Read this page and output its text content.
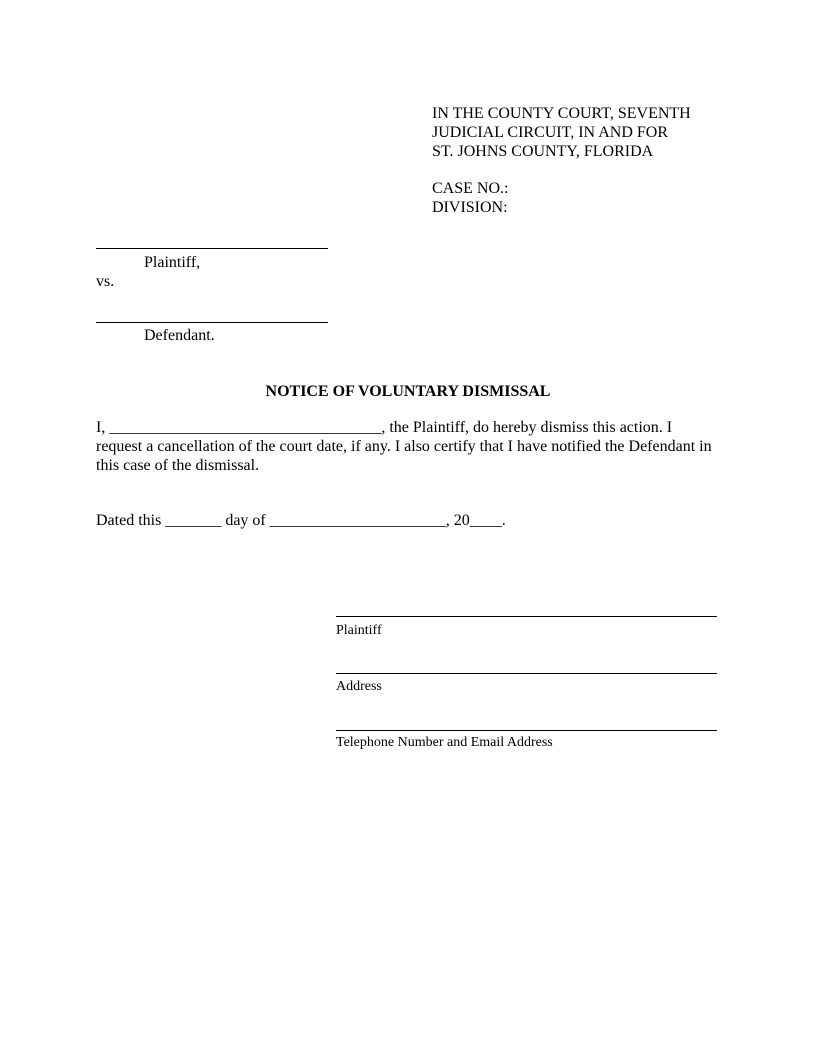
IN THE COUNTY COURT, SEVENTH
JUDICIAL CIRCUIT, IN AND FOR
ST. JOHNS COUNTY, FLORIDA
CASE NO.:
DIVISION:
Plaintiff,
vs.
Defendant.
NOTICE OF VOLUNTARY DISMISSAL
I, __________________________________, the Plaintiff, do hereby dismiss this action. I
request a cancellation of the court date, if any. I also certify that I have notified the Defendant in
this case of the dismissal.
Dated this _______ day of ______________________, 20____.
Plaintiff
Address
Telephone Number and Email Address
